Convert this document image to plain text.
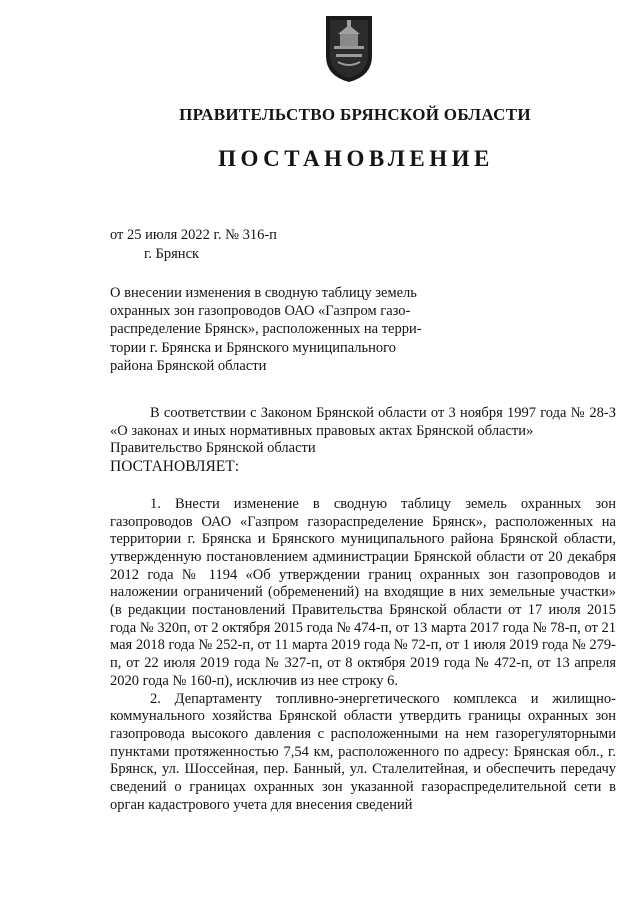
ПРАВИТЕЛЬСТВО БРЯНСКОЙ ОБЛАСТИ
ПОСТАНОВЛЕНИЕ
от 25 июля 2022 г. № 316-п
г. Брянск
О внесении изменения в сводную таблицу земель
охранных зон газопроводов ОАО «Газпром газо-
распределение Брянск», расположенных на терри-
тории г. Брянска и Брянского муниципального
района Брянской области

В соответствии с Законом Брянской области от 3 ноября 1997 года № 28-З «О законах и иных нормативных правовых актах Брянской области»

Правительство Брянской области

ПОСТАНОВЛЯЕТ:

1. Внести изменение в сводную таблицу земель охранных зон газопроводов ОАО «Газпром газораспределение Брянск», расположенных на территории г. Брянска и Брянского муниципального района Брянской области, утвержденную постановлением администрации Брянской области от 20 декабря 2012 года № 1194 «Об утверждении границ охранных зон газопроводов и наложении ограничений (обременений) на входящие в них земельные участки» (в редакции постановлений Правительства Брянской области от 17 июля 2015 года № 320п, от 2 октября 2015 года № 474-п, от 13 марта 2017 года № 78-п, от 21 мая 2018 года № 252-п, от 11 марта 2019 года № 72-п, от 1 июля 2019 года № 279-п, от 22 июля 2019 года № 327-п, от 8 октября 2019 года № 472-п, от 13 апреля 2020 года № 160-п), исключив из нее строку 6.

2. Департаменту топливно-энергетического комплекса и жилищно-коммунального хозяйства Брянской области утвердить границы охранных зон газопровода высокого давления с расположенными на нем газорегуляторными пунктами протяженностью 7,54 км, расположенного по адресу: Брянская обл., г. Брянск, ул. Шоссейная, пер. Банный, ул. Сталелитейная, и обеспечить передачу сведений о границах охранных зон указанной газораспределительной сети в орган кадастрового учета для внесения сведений
